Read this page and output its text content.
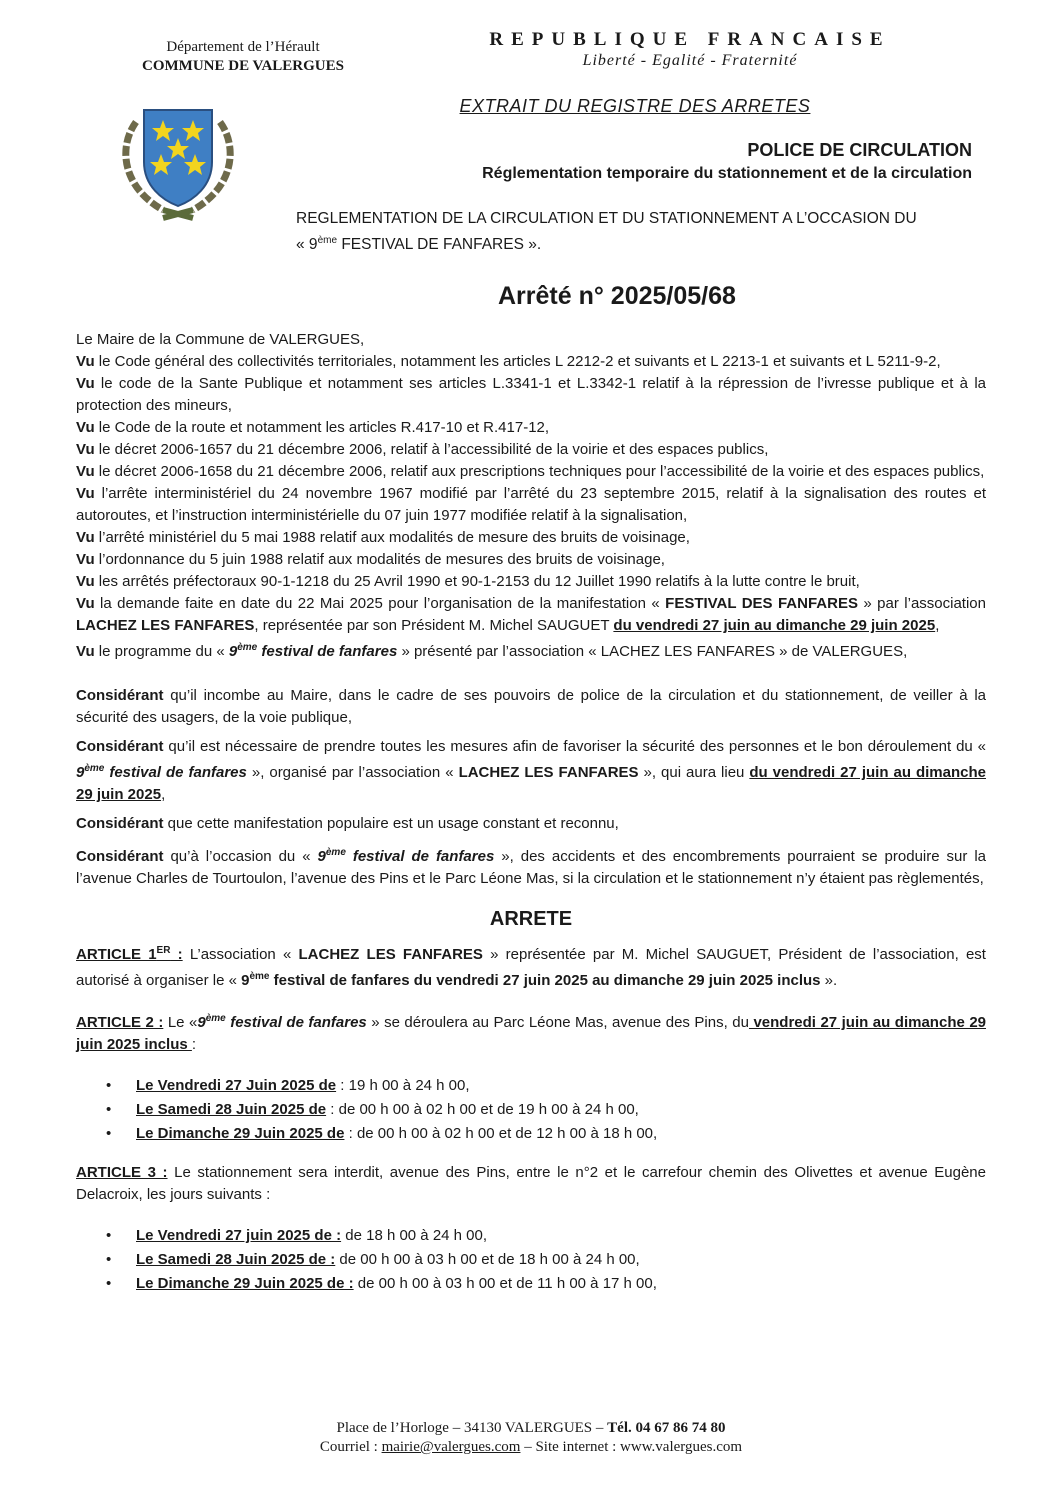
Département de l’Hérault
COMMUNE DE VALERGUES
REPUBLIQUE FRANCAISE
Liberté - Egalité - Fraternité
EXTRAIT DU REGISTRE DES ARRETES
POLICE DE CIRCULATION
Réglementation temporaire du stationnement et de la circulation
REGLEMENTATION DE LA CIRCULATION ET DU STATIONNEMENT A L’OCCASION DU
« 9ème FESTIVAL DE FANFARES ».
Arrêté n° 2025/05/68

Le Maire de la Commune de VALERGUES,

Vu le Code général des collectivités territoriales, notamment les articles L 2212-2 et suivants et L 2213-1 et suivants et L 5211-9-2,

Vu le code de la Sante Publique et notamment ses articles L.3341-1 et L.3342-1 relatif à la répression de l’ivresse publique et à la protection des mineurs,

Vu le Code de la route et notamment les articles R.417-10 et R.417-12,

Vu le décret 2006-1657 du 21 décembre 2006, relatif à l’accessibilité de la voirie et des espaces publics,

Vu le décret 2006-1658 du 21 décembre 2006, relatif aux prescriptions techniques pour l’accessibilité de la voirie et des espaces publics,

Vu l’arrête interministériel du 24 novembre 1967 modifié par l’arrêté du 23 septembre 2015, relatif à la signalisation des routes et autoroutes, et l’instruction interministérielle du 07 juin 1977 modifiée relatif à la signalisation,

Vu l’arrêté ministériel du 5 mai 1988 relatif aux modalités de mesure des bruits de voisinage,

Vu l’ordonnance du 5 juin 1988 relatif aux modalités de mesures des bruits de voisinage,

Vu les arrêtés préfectoraux 90-1-1218 du 25 Avril 1990 et 90-1-2153 du 12 Juillet 1990 relatifs à la lutte contre le bruit,

Vu la demande faite en date du 22 Mai 2025 pour l’organisation de la manifestation « FESTIVAL DES FANFARES » par l’association LACHEZ LES FANFARES, représentée par son Président M. Michel SAUGUET du vendredi 27 juin au dimanche 29 juin 2025,

Vu le programme du « 9ème festival de fanfares » présenté par l’association « LACHEZ LES FANFARES » de VALERGUES,

Considérant qu’il incombe au Maire, dans le cadre de ses pouvoirs de police de la circulation et du stationnement, de veiller à la sécurité des usagers, de la voie publique,

Considérant qu’il est nécessaire de prendre toutes les mesures afin de favoriser la sécurité des personnes et le bon déroulement du « 9ème festival de fanfares », organisé par l’association « LACHEZ LES FANFARES », qui aura lieu du vendredi 27 juin au dimanche 29 juin 2025,

Considérant que cette manifestation populaire est un usage constant et reconnu,

Considérant qu’à l’occasion du « 9ème festival de fanfares », des accidents et des encombrements pourraient se produire sur la l’avenue Charles de Tourtoulon, l’avenue des Pins et le Parc Léone Mas, si la circulation et le stationnement n’y étaient pas règlementés,

ARRETE

ARTICLE 1ER : L’association « LACHEZ LES FANFARES » représentée par M. Michel SAUGUET, Président de l’association, est autorisé à organiser le « 9ème festival de fanfares du vendredi 27 juin 2025 au dimanche 29 juin 2025 inclus ».

ARTICLE 2 : Le «9ème festival de fanfares » se déroulera au Parc Léone Mas, avenue des Pins, du vendredi 27 juin au dimanche 29 juin 2025 inclus :

• Le Vendredi 27 Juin 2025 de : 19 h 00 à 24 h 00,
• Le Samedi 28 Juin 2025 de : de 00 h 00 à 02 h 00 et de 19 h 00 à 24 h 00,
• Le Dimanche 29 Juin 2025 de : de 00 h 00 à 02 h 00 et de 12 h 00 à 18 h 00,

ARTICLE 3 : Le stationnement sera interdit, avenue des Pins, entre le n°2 et le carrefour chemin des Olivettes et avenue Eugène Delacroix, les jours suivants :

• Le Vendredi 27 juin 2025 de : de 18 h 00 à 24 h 00,
• Le Samedi 28 Juin 2025 de : de 00 h 00 à 03 h 00 et de 18 h 00 à 24 h 00,
• Le Dimanche 29 Juin 2025 de : de 00 h 00 à 03 h 00 et de 11 h 00 à 17 h 00,
Place de l’Horloge – 34130 VALERGUES – Tél. 04 67 86 74 80
Courriel : mairie@valergues.com – Site internet : www.valergues.com
